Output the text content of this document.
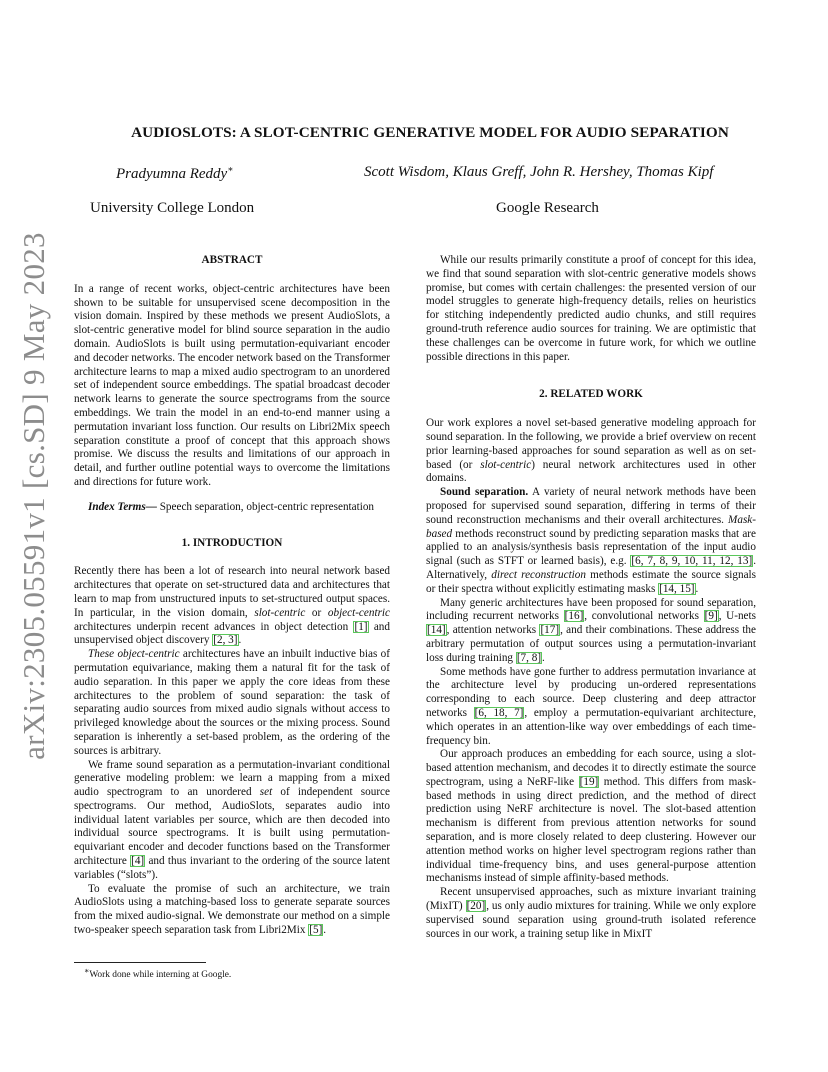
arXiv:2305.05591v1 [cs.SD] 9 May 2023
AUDIOSLOTS: A SLOT-CENTRIC GENERATIVE MODEL FOR AUDIO SEPARATION
Pradyumna Reddy∗	Scott Wisdom, Klaus Greff, John R. Hershey, Thomas Kipf
University College London	Google Research
ABSTRACT

In a range of recent works, object-centric architectures have been shown to be suitable for unsupervised scene decomposition in the vision domain. Inspired by these methods we present AudioSlots, a slot-centric generative model for blind source separation in the audio domain. AudioSlots is built using permutation-equivariant encoder and decoder networks. The encoder network based on the Transformer architecture learns to map a mixed audio spectrogram to an unordered set of independent source embeddings. The spatial broadcast decoder network learns to generate the source spectrograms from the source embeddings. We train the model in an end-to-end manner using a permutation invariant loss function. Our results on Libri2Mix speech separation constitute a proof of concept that this approach shows promise. We discuss the results and limitations of our approach in detail, and further outline potential ways to overcome the limitations and directions for future work.

Index Terms— Speech separation, object-centric representation

1. INTRODUCTION

Recently there has been a lot of research into neural network based architectures that operate on set-structured data and architectures that learn to map from unstructured inputs to set-structured output spaces. In particular, in the vision domain, slot-centric or object-centric architectures underpin recent advances in object detection [1] and unsupervised object discovery [2, 3].

These object-centric architectures have an inbuilt inductive bias of permutation equivariance, making them a natural fit for the task of audio separation. In this paper we apply the core ideas from these architectures to the problem of sound separation: the task of separating audio sources from mixed audio signals without access to privileged knowledge about the sources or the mixing process. Sound separation is inherently a set-based problem, as the ordering of the sources is arbitrary.

We frame sound separation as a permutation-invariant conditional generative modeling problem: we learn a mapping from a mixed audio spectrogram to an unordered set of independent source spectrograms. Our method, AudioSlots, separates audio into individual latent variables per source, which are then decoded into individual source spectrograms. It is built using permutation-equivariant encoder and decoder functions based on the Transformer architecture [4] and thus invariant to the ordering of the source latent variables (“slots”).

To evaluate the promise of such an architecture, we train AudioSlots using a matching-based loss to generate separate sources from the mixed audio-signal. We demonstrate our method on a simple two-speaker speech separation task from Libri2Mix [5].

While our results primarily constitute a proof of concept for this idea, we find that sound separation with slot-centric generative models shows promise, but comes with certain challenges: the presented version of our model struggles to generate high-frequency details, relies on heuristics for stitching independently predicted audio chunks, and still requires ground-truth reference audio sources for training. We are optimistic that these challenges can be overcome in future work, for which we outline possible directions in this paper.

2. RELATED WORK

Our work explores a novel set-based generative modeling approach for sound separation. In the following, we provide a brief overview on recent prior learning-based approaches for sound separation as well as on set-based (or slot-centric) neural network architectures used in other domains.

Sound separation. A variety of neural network methods have been proposed for supervised sound separation, differing in terms of their sound reconstruction mechanisms and their overall architectures. Mask-based methods reconstruct sound by predicting separation masks that are applied to an analysis/synthesis basis representation of the input audio signal (such as STFT or learned basis), e.g. [6, 7, 8, 9, 10, 11, 12, 13]. Alternatively, direct reconstruction methods estimate the source signals or their spectra without explicitly estimating masks [14, 15].

Many generic architectures have been proposed for sound separation, including recurrent networks [16], convolutional networks [9], U-nets [14], attention networks [17], and their combinations. These address the arbitrary permutation of output sources using a permutation-invariant loss during training [7, 8].

Some methods have gone further to address permutation invariance at the architecture level by producing un-ordered representations corresponding to each source. Deep clustering and deep attractor networks [6, 18, 7], employ a permutation-equivariant architecture, which operates in an attention-like way over embeddings of each time-frequency bin.

Our approach produces an embedding for each source, using a slot-based attention mechanism, and decodes it to directly estimate the source spectrogram, using a NeRF-like [19] method. This differs from mask-based methods in using direct prediction, and the method of direct prediction using NeRF architecture is novel. The slot-based attention mechanism is different from previous attention networks for sound separation, and is more closely related to deep clustering. However our attention method works on higher level spectrogram regions rather than individual time-frequency bins, and uses general-purpose attention mechanisms instead of simple affinity-based methods.

Recent unsupervised approaches, such as mixture invariant training (MixIT) [20], us only audio mixtures for training. While we only explore supervised sound separation using ground-truth isolated reference sources in our work, a training setup like in MixIT

∗Work done while interning at Google.
